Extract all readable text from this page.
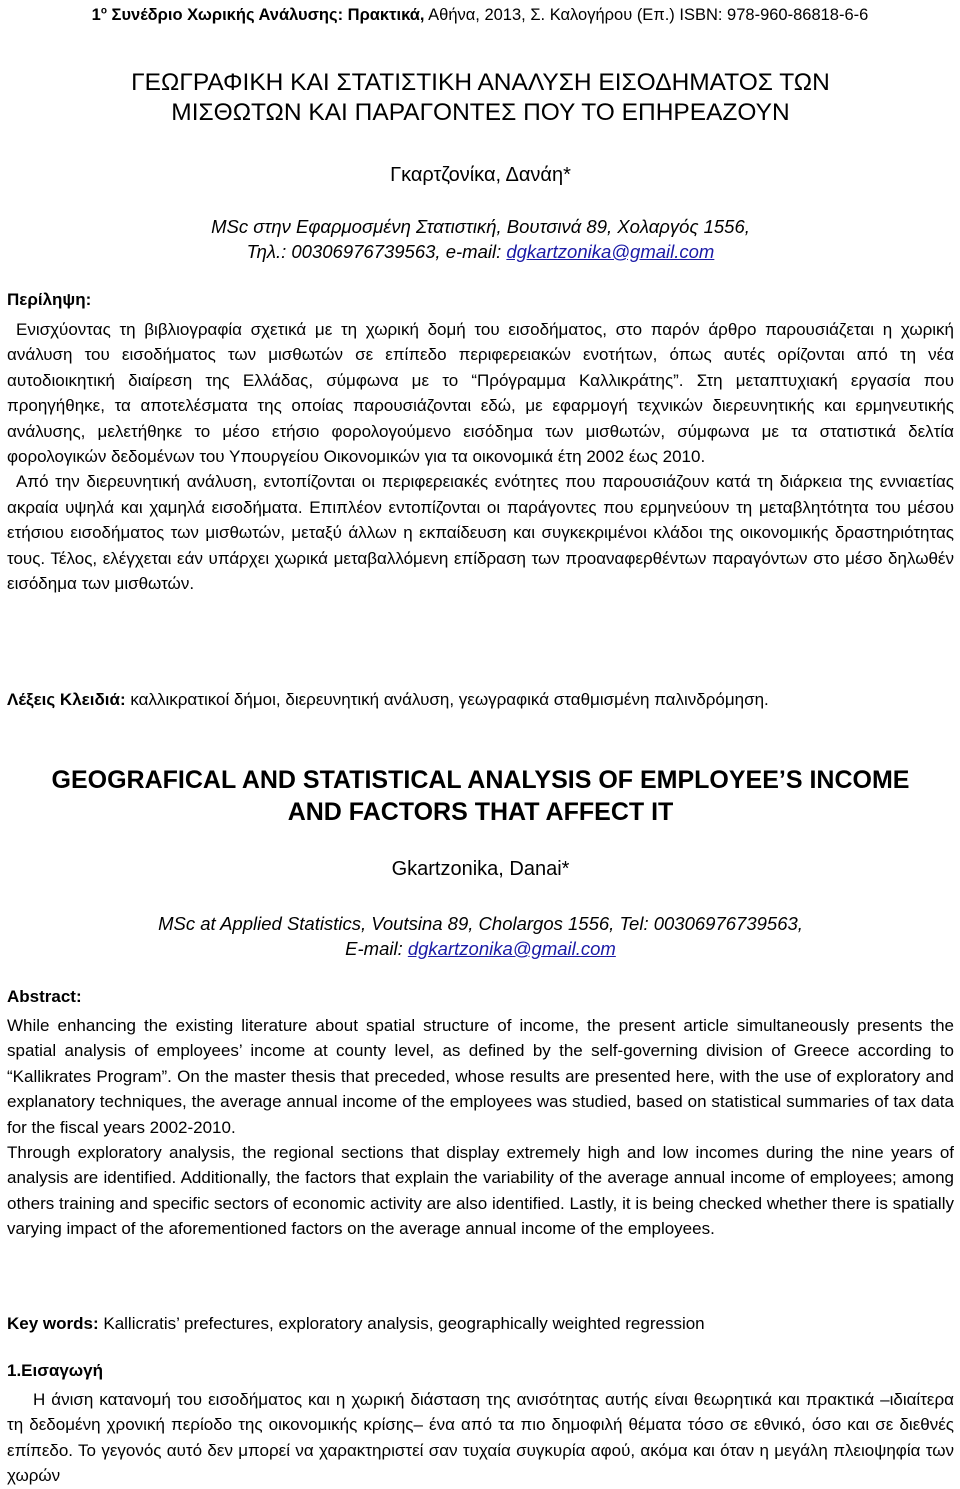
$1^o$ Συνέδριο Χωρικής Ανάλυσης: Πρακτικά, Αθήνα, 2013, Σ. Καλογήρου (Επ.) ISBN: 978-960-86818-6-6
ΓΕΩΓΡΑΦΙΚΗ ΚΑΙ ΣΤΑΤΙΣΤΙΚΗ ΑΝΑΛΥΣΗ ΕΙΣΟΔΗΜΑΤΟΣ ΤΩΝ
ΜΙΣΘΩΤΩΝ ΚΑΙ ΠΑΡΑΓΟΝΤΕΣ ΠΟΥ ΤΟ ΕΠΗΡΕΑΖΟΥΝ
Γκαρτζονίκα, Δανάη*
MSc στην Εφαρμοσμένη Στατιστική, Βουτσινά 89, Χολαργός 1556,
Τηλ.: 00306976739563, e-mail: dgkartzonika@gmail.com
Περίληψη:

Ενισχύοντας τη βιβλιογραφία σχετικά με τη χωρική δομή του εισοδήματος, στο παρόν άρθρο παρουσιάζεται η χωρική ανάλυση του εισοδήματος των μισθωτών σε επίπεδο περιφερειακών ενοτήτων, όπως αυτές ορίζονται από τη νέα αυτοδιοικητική διαίρεση της Ελλάδας, σύμφωνα με το “Πρόγραμμα Καλλικράτης”. Στη μεταπτυχιακή εργασία που προηγήθηκε, τα αποτελέσματα της οποίας παρουσιάζονται εδώ, με εφαρμογή τεχνικών διερευνητικής και ερμηνευτικής ανάλυσης, μελετήθηκε το μέσο ετήσιο φορολογούμενο εισόδημα των μισθωτών, σύμφωνα με τα στατιστικά δελτία φορολογικών δεδομένων του Υπουργείου Οικονομικών για τα οικονομικά έτη 2002 έως 2010.

Από την διερευνητική ανάλυση, εντοπίζονται οι περιφερειακές ενότητες που παρουσιάζουν κατά τη διάρκεια της εννιαετίας ακραία υψηλά και χαμηλά εισοδήματα. Επιπλέον εντοπίζονται οι παράγοντες που ερμηνεύουν τη μεταβλητότητα του μέσου ετήσιου εισοδήματος των μισθωτών, μεταξύ άλλων η εκπαίδευση και συγκεκριμένοι κλάδοι της οικονομικής δραστηριότητας τους. Τέλος, ελέγχεται εάν υπάρχει χωρικά μεταβαλλόμενη επίδραση των προαναφερθέντων παραγόντων στο μέσο δηλωθέν εισόδημα των μισθωτών.

Λέξεις Κλειδιά: καλλικρατικοί δήμοι, διερευνητική ανάλυση, γεωγραφικά σταθμισμένη παλινδρόμηση.
GEOGRAFICAL AND STATISTICAL ANALYSIS OF EMPLOYEE’S INCOME
AND FACTORS THAT AFFECT IT
Gkartzonika, Danai*
MSc at Applied Statistics, Voutsina 89, Cholargos 1556, Tel: 00306976739563,
E-mail: dgkartzonika@gmail.com
Abstract:

While enhancing the existing literature about spatial structure of income, the present article simultaneously presents the spatial analysis of employees’ income at county level, as defined by the self-governing division of Greece according to “Kallikrates Program”. On the master thesis that preceded, whose results are presented here, with the use of exploratory and explanatory techniques, the average annual income of the employees was studied, based on statistical summaries of tax data for the fiscal years 2002-2010.

Through exploratory analysis, the regional sections that display extremely high and low incomes during the nine years of analysis are identified. Additionally, the factors that explain the variability of the average annual income of employees; among others training and specific sectors of economic activity are also identified. Lastly, it is being checked whether there is spatially varying impact of the aforementioned factors on the average annual income of the employees.

Key words: Kallicratis’ prefectures, exploratory analysis, geographically weighted regression
1.Εισαγωγή

Η άνιση κατανομή του εισοδήματος και η χωρική διάσταση της ανισότητας αυτής είναι θεωρητικά και πρακτικά –ιδιαίτερα τη δεδομένη χρονική περίοδο της οικονομικής κρίσης– ένα από τα πιο δημοφιλή θέματα τόσο σε εθνικό, όσο και σε διεθνές επίπεδο. Το γεγονός αυτό δεν μπορεί να χαρακτηριστεί σαν τυχαία συγκυρία αφού, ακόμα και όταν η μεγάλη πλειοψηφία των χωρών
